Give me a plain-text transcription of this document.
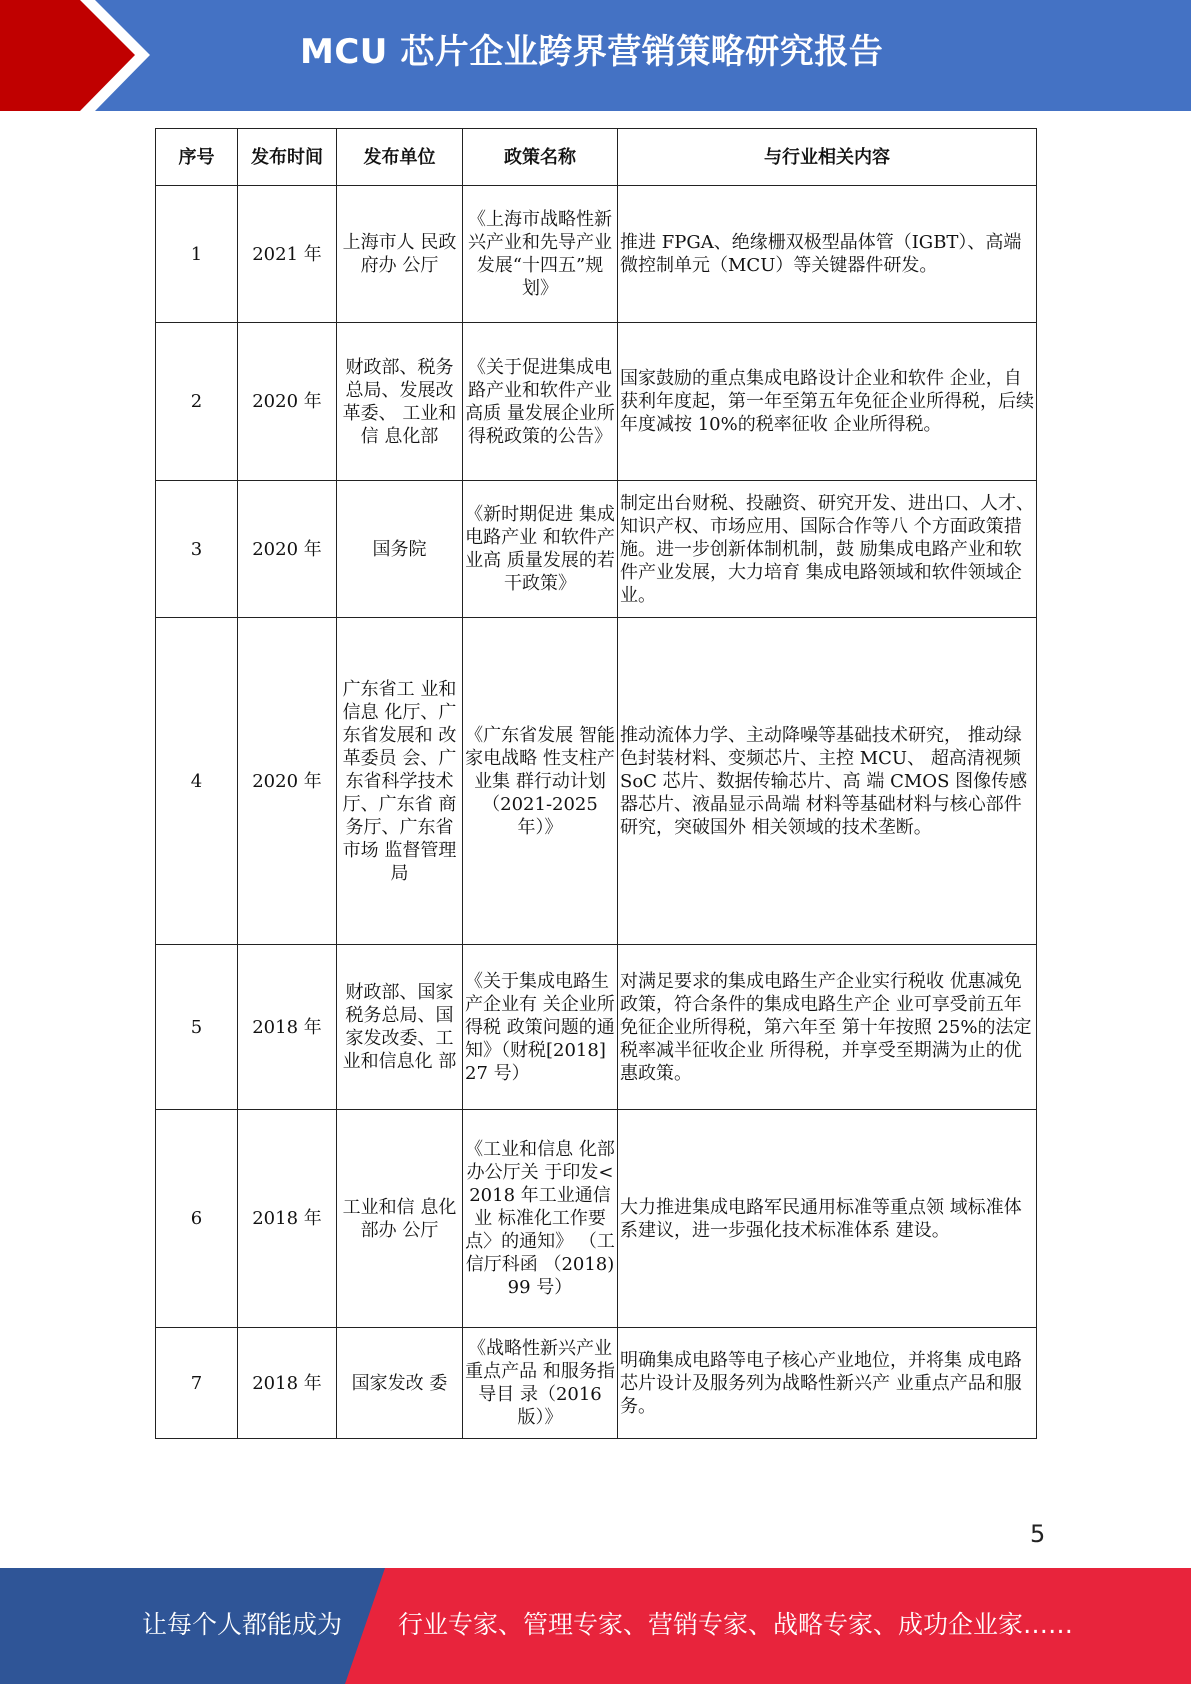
MCU 芯片企业跨界营销策略研究报告
序号	发布时间	发布单位	政策名称	与行业相关内容
1	2021 年	上海市人 民政府办 公厅	《上海市战略性新兴产业和先导产业发展“十四五”规划》	推进 FPGA、绝缘栅双极型晶体管（IGBT）、高端微控制单元（MCU）等关键器件研发。
2	2020 年	财政部、税务总局、发展改革委、 工业和信 息化部	《关于促进集成电路产业和软件产业高质 量发展企业所 得税政策的公告》	国家鼓励的重点集成电路设计企业和软件 企业，自获利年度起，第一年至第五年免征企业所得税，后续年度减按 10%的税率征收 企业所得税。
3	2020 年	国务院	《新时期促进 集成电路产业 和软件产业高 质量发展的若 干政策》	制定出台财税、投融资、研究开发、进出口、人才、知识产权、市场应用、国际合作等八 个方面政策措施。进一步创新体制机制，鼓 励集成电路产业和软件产业发展，大力培育 集成电路领域和软件领域企业。
4	2020 年	广东省工 业和信息 化厅、广东省发展和 改革委员 会、广东省科学技术 厅、广东省 商务厅、广东省市场 监督管理 局	《广东省发展 智能家电战略 性支柱产业集 群行动计划（2021-2025 年）》	推动流体力学、主动降噪等基础技术研究， 推动绿色封装材料、变频芯片、主控 MCU、 超高清视频 SoC 芯片、数据传输芯片、高 端 CMOS 图像传感器芯片、液晶显示咼端 材料等基础材料与核心部件研究，突破国外 相关领域的技术垄断。
5	2018 年	财政部、国家税务总局、国家发改委、工业和信息化 部	《关于集成电路生产企业有 关企业所得税 政策问题的通知》（财税[2018]27 号）	对满足要求的集成电路生产企业实行税收 优惠减免政策，符合条件的集成电路生产企 业可享受前五年免征企业所得税，第六年至 第十年按照 25%的法定税率减半征收企业 所得税，并享受至期满为止的优惠政策。
6	2018 年	工业和信 息化部办 公厅	《工业和信息 化部办公厅关 于印发<2018 年工业通信业 标准化工作要 点〉的通知》 （工信厅科函 （2018)99 号）	大力推进集成电路军民通用标准等重点领 域标准体系建议，进一步强化技术标准体系 建设。
7	2018 年	国家发改 委	《战略性新兴产业重点产品 和服务指导目 录（2016 版）》	明确集成电路等电子核心产业地位，并将集 成电路芯片设计及服务列为战略性新兴产 业重点产品和服务。
5
让每个人都能成为 行业专家、管理专家、营销专家、战略专家、成功企业家……
